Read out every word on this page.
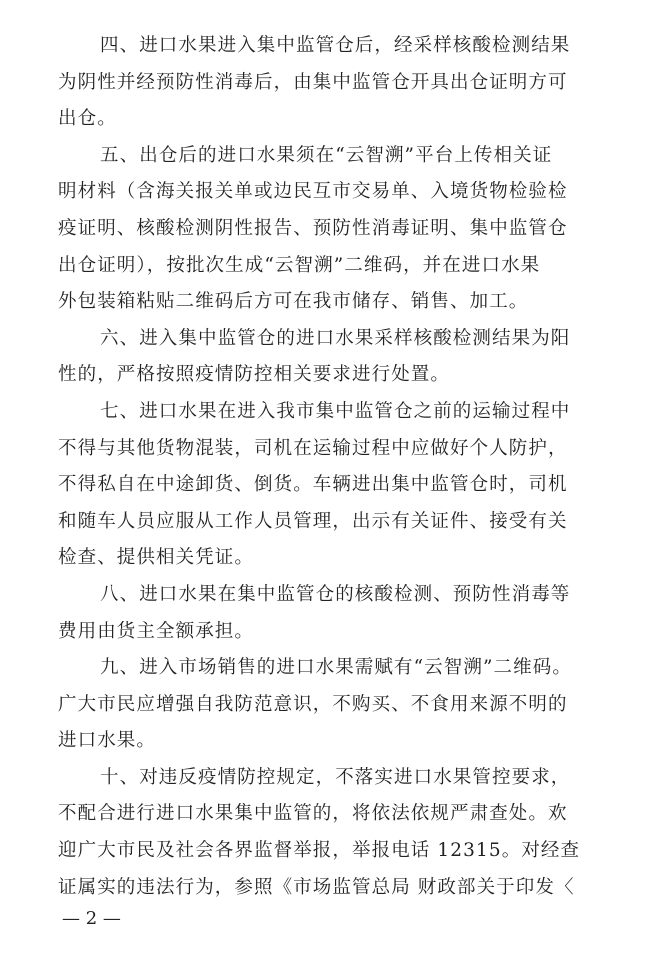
四、进口水果进入集中监管仓后，经采样核酸检测结果
为阴性并经预防性消毒后，由集中监管仓开具出仓证明方可
出仓。
五、出仓后的进口水果须在“云智溯”平台上传相关证
明材料（含海关报关单或边民互市交易单、入境货物检验检
疫证明、核酸检测阴性报告、预防性消毒证明、集中监管仓
出仓证明），按批次生成“云智溯”二维码，并在进口水果
外包装箱粘贴二维码后方可在我市储存、销售、加工。
六、进入集中监管仓的进口水果采样核酸检测结果为阳
性的，严格按照疫情防控相关要求进行处置。
七、进口水果在进入我市集中监管仓之前的运输过程中
不得与其他货物混装，司机在运输过程中应做好个人防护，
不得私自在中途卸货、倒货。车辆进出集中监管仓时，司机
和随车人员应服从工作人员管理，出示有关证件、接受有关
检查、提供相关凭证。
八、进口水果在集中监管仓的核酸检测、预防性消毒等
费用由货主全额承担。
九、进入市场销售的进口水果需赋有“云智溯”二维码。
广大市民应增强自我防范意识，不购买、不食用来源不明的
进口水果。
十、对违反疫情防控规定，不落实进口水果管控要求，
不配合进行进口水果集中监管的，将依法依规严肃查处。欢
迎广大市民及社会各界监督举报，举报电话 12315。对经查
证属实的违法行为，参照《市场监管总局 财政部关于印发〈
— 2 —
